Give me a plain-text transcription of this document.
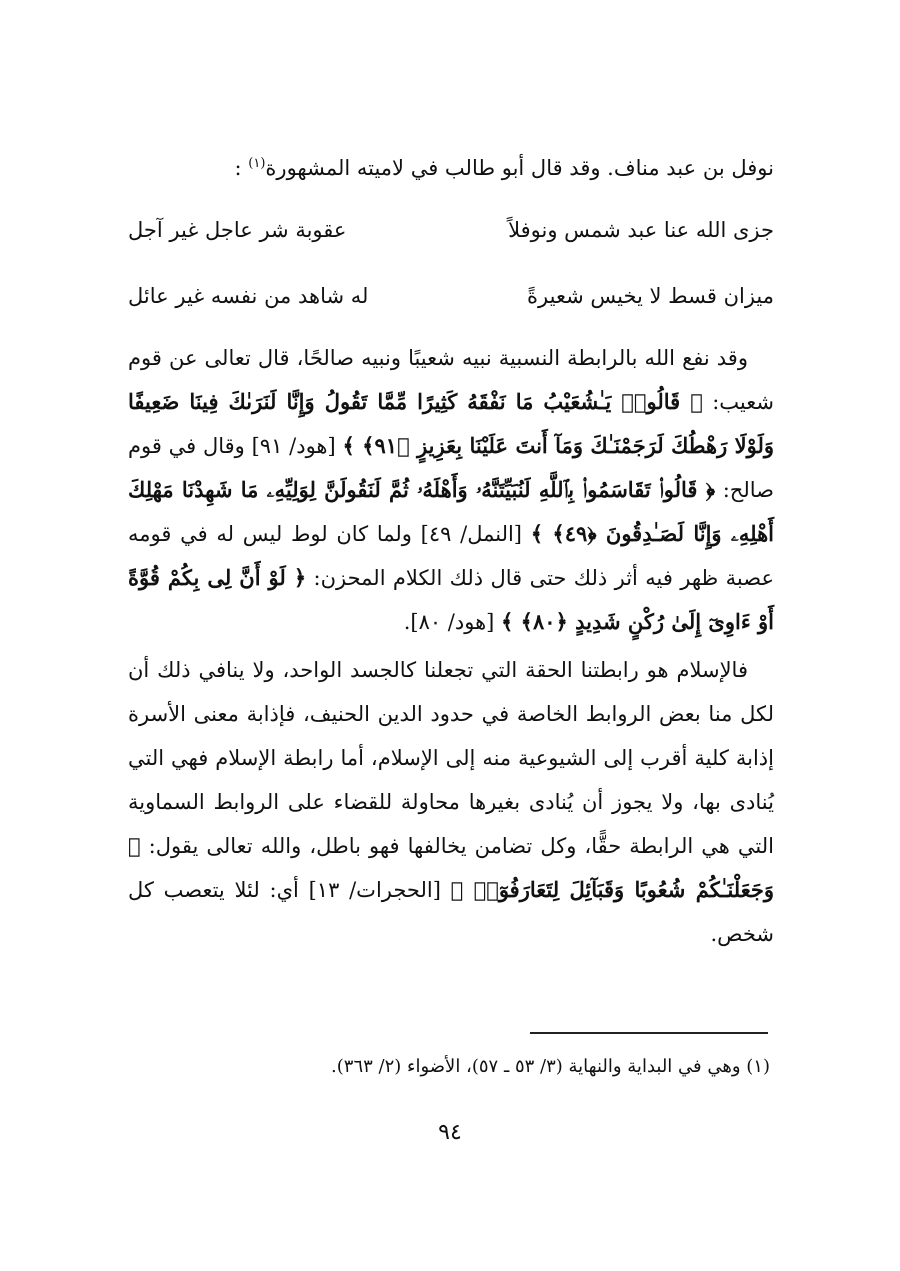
نوفل بن عبد مناف. وقد قال أبو طالب في لاميته المشهورة$^{(١)}$ :
جزى الله عنا عبد شمس ونوفلاً
عقوبة شر عاجل غير آجل
ميزان قسط لا يخيس شعيرةً
له شاهد من نفسه غير عائل
وقد نفع الله بالرابطة النسبية نبيه شعيبًا ونبيه صالحًا، قال تعالى عن قوم شعيب: ﴿ قَالُوا۟ يَـٰشُعَيْبُ مَا نَفْقَهُ كَثِيرًا مِّمَّا تَقُولُ وَإِنَّا لَنَرَىٰكَ فِينَا ضَعِيفًا وَلَوْلَا رَهْطُكَ لَرَجَمْنَـٰكَ وَمَآ أَنتَ عَلَيْنَا بِعَزِيزٍ ﴿٩١﴾ ﴾ [هود/ ٩١] وقال في قوم صالح: ﴿ قَالُوا۟ تَقَاسَمُوا۟ بِٱللَّهِ لَنُبَيِّتَنَّهُۥ وَأَهْلَهُۥ ثُمَّ لَنَقُولَنَّ لِوَلِيِّهِۦ مَا شَهِدْنَا مَهْلِكَ أَهْلِهِۦ وَإِنَّا لَصَـٰدِقُونَ ﴿٤٩﴾ ﴾ [النمل/ ٤٩] ولما كان لوط ليس له في قومه عصبة ظهر فيه أثر ذلك حتى قال ذلك الكلام المحزن: ﴿ لَوْ أَنَّ لِى بِكُمْ قُوَّةً أَوْ ءَاوِىٓ إِلَىٰ رُكْنٍ شَدِيدٍ ﴿٨٠﴾ ﴾ [هود/ ٨٠].
فالإسلام هو رابطتنا الحقة التي تجعلنا كالجسد الواحد، ولا ينافي ذلك أن لكل منا بعض الروابط الخاصة في حدود الدين الحنيف، فإذابة معنى الأسرة إذابة كلية أقرب إلى الشيوعية منه إلى الإسلام، أما رابطة الإسلام فهي التي يُنادى بها، ولا يجوز أن يُنادى بغيرها محاولة للقضاء على الروابط السماوية التي هي الرابطة حقًّا، وكل تضامن يخالفها فهو باطل، والله تعالى يقول: ﴿ وَجَعَلْنَـٰكُمْ شُعُوبًا وَقَبَآئِلَ لِتَعَارَفُوٓا۟ ﴾ [الحجرات/ ١٣] أي: لئلا يتعصب كل شخص.
(١) وهي في البداية والنهاية (٣/ ٥٣ ـ ٥٧)، الأضواء (٢/ ٣٦٣).
٩٤
